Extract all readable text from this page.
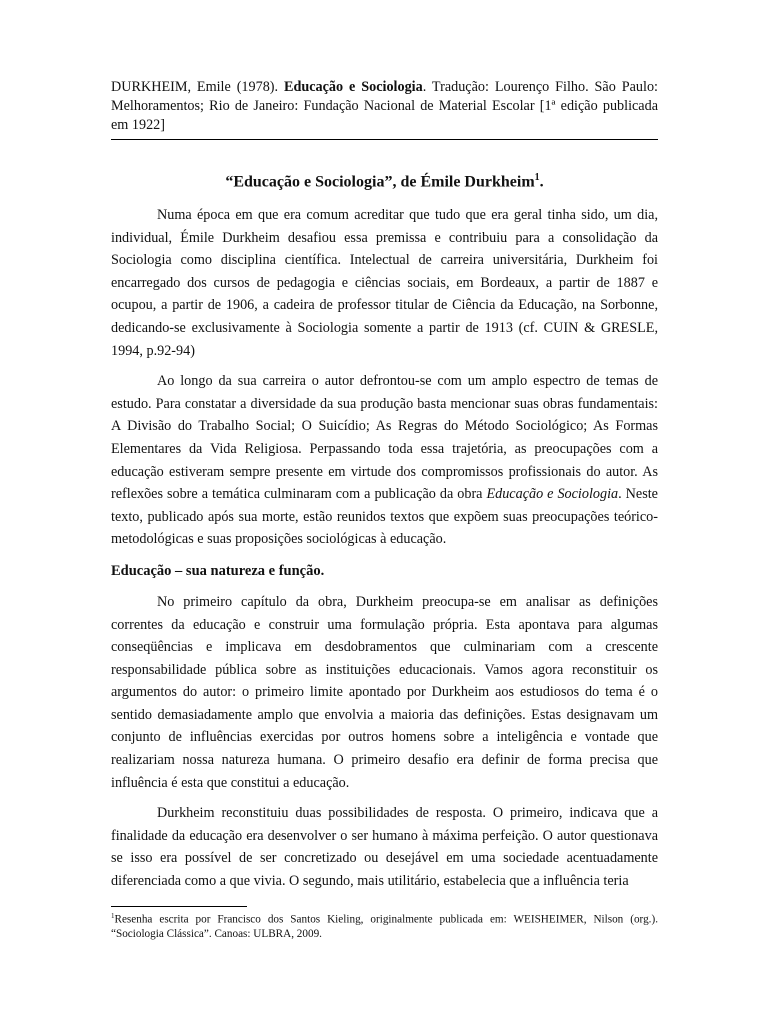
DURKHEIM, Emile (1978). Educação e Sociologia. Tradução: Lourenço Filho. São Paulo: Melhoramentos; Rio de Janeiro: Fundação Nacional de Material Escolar [1ª edição publicada em 1922]
“Educação e Sociologia”, de Émile Durkheim$^1$.

Numa época em que era comum acreditar que tudo que era geral tinha sido, um dia, individual, Émile Durkheim desafiou essa premissa e contribuiu para a consolidação da Sociologia como disciplina científica. Intelectual de carreira universitária, Durkheim foi encarregado dos cursos de pedagogia e ciências sociais, em Bordeaux, a partir de 1887 e ocupou, a partir de 1906, a cadeira de professor titular de Ciência da Educação, na Sorbonne, dedicando-se exclusivamente à Sociologia somente a partir de 1913 (cf. CUIN & GRESLE, 1994, p.92-94)

Ao longo da sua carreira o autor defrontou-se com um amplo espectro de temas de estudo. Para constatar a diversidade da sua produção basta mencionar suas obras fundamentais: A Divisão do Trabalho Social; O Suicídio; As Regras do Método Sociológico; As Formas Elementares da Vida Religiosa. Perpassando toda essa trajetória, as preocupações com a educação estiveram sempre presente em virtude dos compromissos profissionais do autor. As reflexões sobre a temática culminaram com a publicação da obra Educação e Sociologia. Neste texto, publicado após sua morte, estão reunidos textos que expõem suas preocupações teórico-metodológicas e suas proposições sociológicas à educação.

Educação – sua natureza e função.

No primeiro capítulo da obra, Durkheim preocupa-se em analisar as definições correntes da educação e construir uma formulação própria. Esta apontava para algumas conseqüências e implicava em desdobramentos que culminariam com a crescente responsabilidade pública sobre as instituições educacionais. Vamos agora reconstituir os argumentos do autor: o primeiro limite apontado por Durkheim aos estudiosos do tema é o sentido demasiadamente amplo que envolvia a maioria das definições. Estas designavam um conjunto de influências exercidas por outros homens sobre a inteligência e vontade que realizariam nossa natureza humana. O primeiro desafio era definir de forma precisa que influência é esta que constitui a educação.

Durkheim reconstituiu duas possibilidades de resposta. O primeiro, indicava que a finalidade da educação era desenvolver o ser humano à máxima perfeição. O autor questionava se isso era possível de ser concretizado ou desejável em uma sociedade acentuadamente diferenciada como a que vivia. O segundo, mais utilitário, estabelecia que a influência teria

$^1$Resenha escrita por Francisco dos Santos Kieling, originalmente publicada em: WEISHEIMER, Nilson (org.). “Sociologia Clássica”. Canoas: ULBRA, 2009.
